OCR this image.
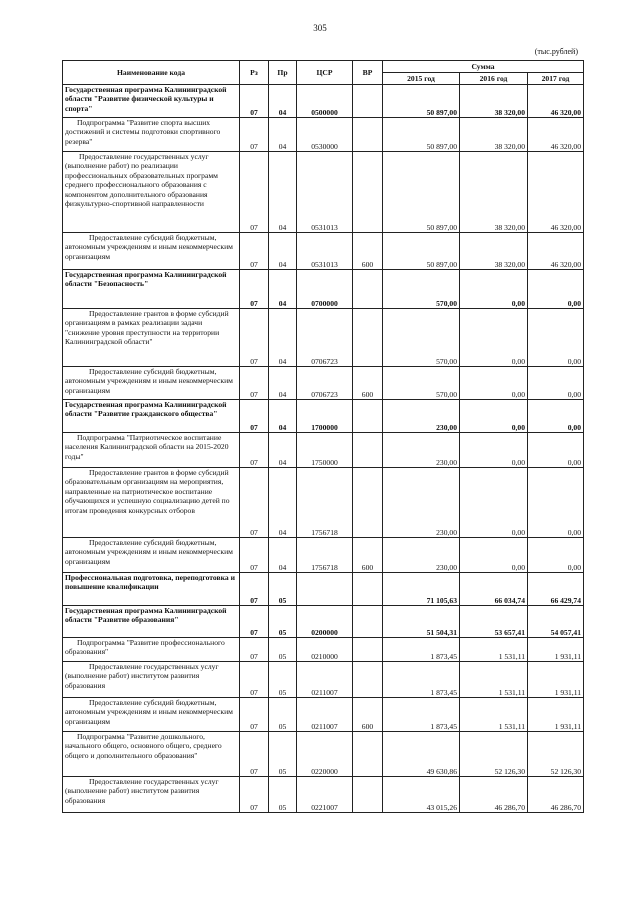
305
(тыс.рублей)
Наименование кода	Рз	Пр	ЦСР	ВР	Сумма		
					2015 год	2016 год	2017 год
Государственная программа Калининградской области "Развитие физической культуры и спорта"	07	04	0500000		50 897,00	38 320,00	46 320,00
Подпрограмма "Развитие спорта высших достижений и системы подготовки спортивного резерва"	07	04	0530000		50 897,00	38 320,00	46 320,00
Предоставление государственных услуг (выполнение работ) по реализации профессиональных образовательных программ среднего профессионального образования с компонентом дополнительного образования физкультурно-спортивной направленности	07	04	0531013		50 897,00	38 320,00	46 320,00
Предоставление субсидий бюджетным, автономным учреждениям и иным некоммерческим организациям	07	04	0531013	600	50 897,00	38 320,00	46 320,00
Государственная программа Калининградской области "Безопасность"	07	04	0700000		570,00	0,00	0,00
Предоставление грантов в форме субсидий организациям в рамках реализации задачи "снижение уровня преступности на территории Калининградской области"	07	04	0706723		570,00	0,00	0,00
Предоставление субсидий бюджетным, автономным учреждениям и иным некоммерческим организациям	07	04	0706723	600	570,00	0,00	0,00
Государственная программа Калининградской области "Развитие гражданского общества"	07	04	1700000		230,00	0,00	0,00
Подпрограмма "Патриотическое воспитание населения Калининградской области на 2015-2020 годы"	07	04	1750000		230,00	0,00	0,00
Предоставление грантов в форме субсидий образовательным организациям на мероприятия, направленные на патриотическое воспитание обучающихся и успешную социализацию детей по итогам проведения конкурсных отборов	07	04	1756718		230,00	0,00	0,00
Предоставление субсидий бюджетным, автономным учреждениям и иным некоммерческим организациям	07	04	1756718	600	230,00	0,00	0,00
Профессиональная подготовка, переподготовка и повышение квалификации	07	05			71 105,63	66 034,74	66 429,74
Государственная программа Калининградской области "Развитие образования"	07	05	0200000		51 504,31	53 657,41	54 057,41
Подпрограмма "Развитие профессионального образования"	07	05	0210000		1 873,45	1 531,11	1 931,11
Предоставление государственных услуг (выполнение работ) институтом развития образования	07	05	0211007		1 873,45	1 531,11	1 931,11
Предоставление субсидий бюджетным, автономным учреждениям и иным некоммерческим организациям	07	05	0211007	600	1 873,45	1 531,11	1 931,11
Подпрограмма "Развитие дошкольного, начального общего, основного общего, среднего общего и дополнительного образования"	07	05	0220000		49 630,86	52 126,30	52 126,30
Предоставление государственных услуг (выполнение работ) институтом развития образования	07	05	0221007		43 015,26	46 286,70	46 286,70
